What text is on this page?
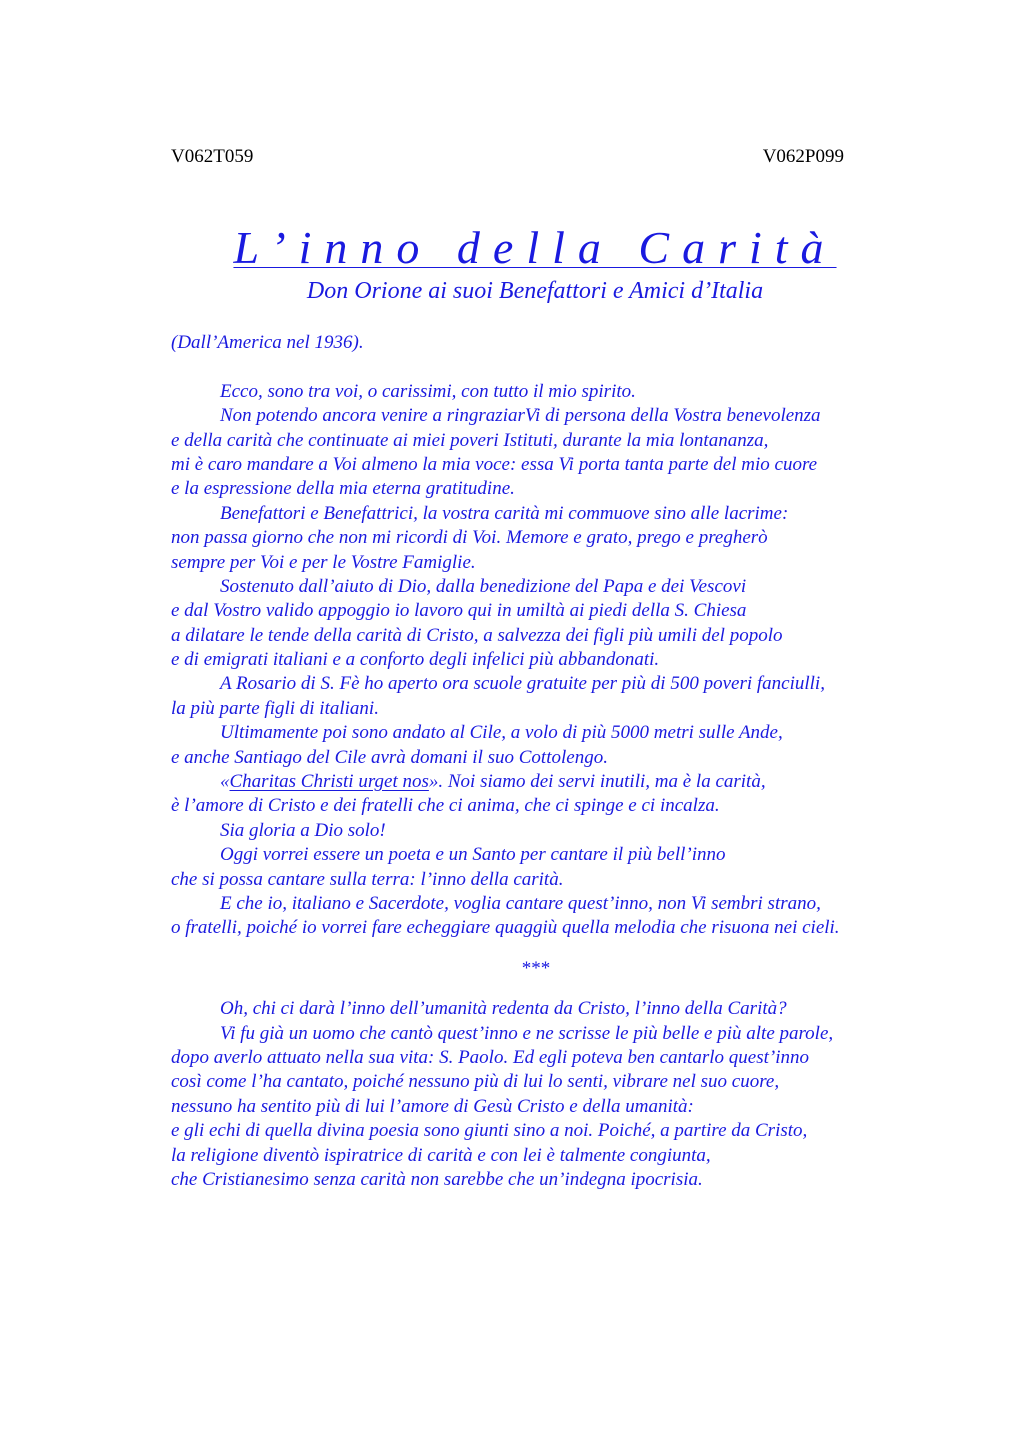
V062T059	V062P099
L’inno della Carità
Don Orione ai suoi Benefattori e Amici d’Italia
(Dall’America nel 1936).
Ecco, sono tra voi, o carissimi, con tutto il mio spirito.
Non potendo ancora venire a ringraziarVi di persona della Vostra benevolenza
e della carità che continuate ai miei poveri Istituti, durante la mia lontananza,
mi è caro mandare a Voi almeno la mia voce: essa Vi porta tanta parte del mio cuore
e la espressione della mia eterna gratitudine.
Benefattori e Benefattrici, la vostra carità mi commuove sino alle lacrime:
non passa giorno che non mi ricordi di Voi. Memore e grato, prego e pregherò
sempre per Voi e per le Vostre Famiglie.
Sostenuto dall’aiuto di Dio, dalla benedizione del Papa e dei Vescovi
e dal Vostro valido appoggio io lavoro qui in umiltà ai piedi della S. Chiesa
a dilatare le tende della carità di Cristo, a salvezza dei figli più umili del popolo
e di emigrati italiani e a conforto degli infelici più abbandonati.
A Rosario di S. Fè ho aperto ora scuole gratuite per più di 500 poveri fanciulli,
la più parte figli di italiani.
Ultimamente poi sono andato al Cile, a volo di più 5000 metri sulle Ande,
e anche Santiago del Cile avrà domani il suo Cottolengo.
«Charitas Christi urget nos». Noi siamo dei servi inutili, ma è la carità,
è l’amore di Cristo e dei fratelli che ci anima, che ci spinge e ci incalza.
Sia gloria a Dio solo!
Oggi vorrei essere un poeta e un Santo per cantare il più bell’inno
che si possa cantare sulla terra: l’inno della carità.
E che io, italiano e Sacerdote, voglia cantare quest’inno, non Vi sembri strano,
o fratelli, poiché io vorrei fare echeggiare quaggiù quella melodia che risuona nei cieli.
***
Oh, chi ci darà l’inno dell’umanità redenta da Cristo, l’inno della Carità?
Vi fu già un uomo che cantò quest’inno e ne scrisse le più belle e più alte parole,
dopo averlo attuato nella sua vita: S. Paolo. Ed egli poteva ben cantarlo quest’inno
così come l’ha cantato, poiché nessuno più di lui lo senti, vibrare nel suo cuore,
nessuno ha sentito più di lui l’amore di Gesù Cristo e della umanità:
e gli echi di quella divina poesia sono giunti sino a noi. Poiché, a partire da Cristo,
la religione diventò ispiratrice di carità e con lei è talmente congiunta,
che Cristianesimo senza carità non sarebbe che un’indegna ipocrisia.
